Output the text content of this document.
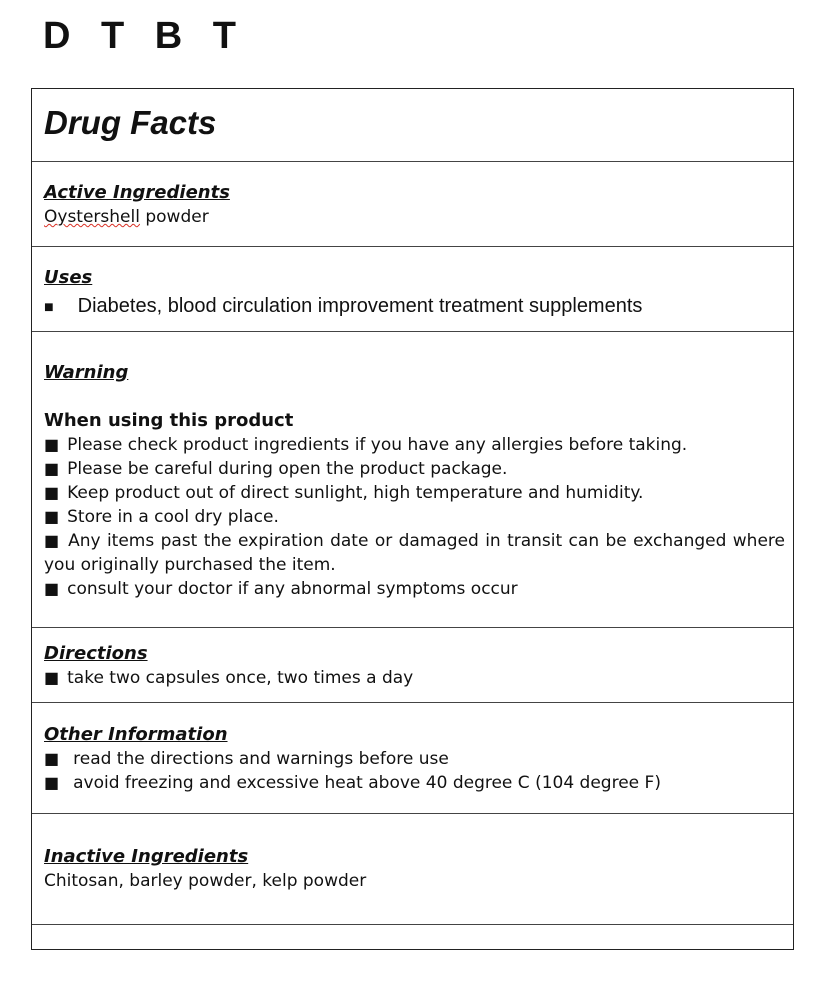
D T B T
Drug Facts
Active Ingredients
Oystershell powder
Uses
■ Diabetes, blood circulation improvement treatment supplements
Warning
When using this product
■ Please check product ingredients if you have any allergies before taking.
■ Please be careful during open the product package.
■ Keep product out of direct sunlight, high temperature and humidity.
■ Store in a cool dry place.
■ Any items past the expiration date or damaged in transit can be exchanged where you originally purchased the item.
■ consult your doctor if any abnormal symptoms occur
Directions
■ take two capsules once, two times a day
Other Information
■ read the directions and warnings before use
■ avoid freezing and excessive heat above 40 degree C (104 degree F)
Inactive Ingredients
Chitosan, barley powder, kelp powder
